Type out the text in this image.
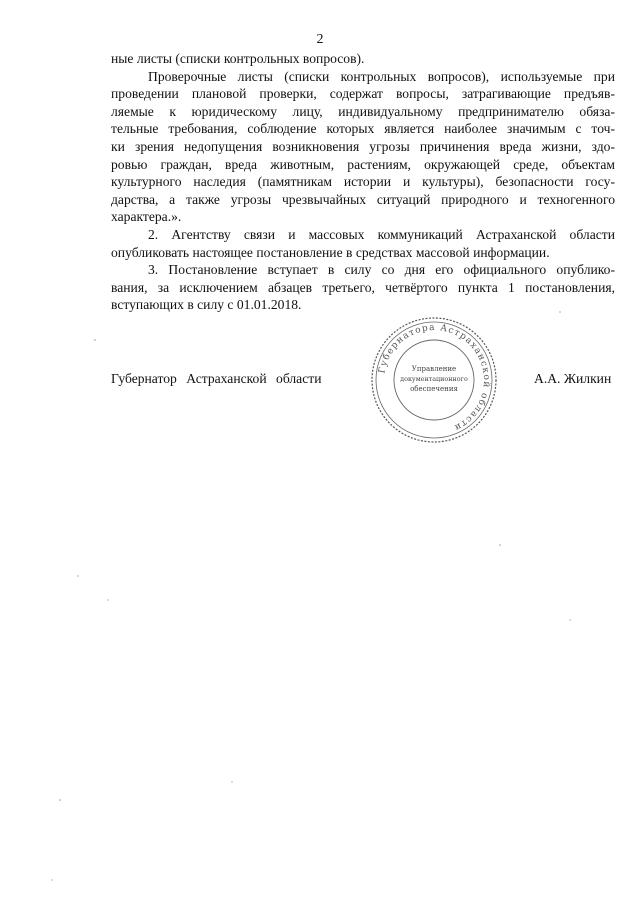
2

ные листы (списки контрольных вопросов).

Проверочные листы (списки контрольных вопросов), используемые при
проведении плановой проверки, содержат вопросы, затрагивающие предъяв-
ляемые к юридическому лицу, индивидуальному предпринимателю обяза-
тельные требования, соблюдение которых является наиболее значимым с точ-
ки зрения недопущения возникновения угрозы причинения вреда жизни, здо-
ровью граждан, вреда животным, растениям, окружающей среде, объектам
культурного наследия (памятникам истории и культуры), безопасности госу-
дарства, а также угрозы чрезвычайных ситуаций природного и техногенного
характера.».

2. Агентству связи и массовых коммуникаций Астраханской области
опубликовать настоящее постановление в средствах массовой информации.

3. Постановление вступает в силу со дня его официального опублико-
вания, за исключением абзацев третьего, четвёртого пункта 1 постановления,
вступающих в силу с 01.01.2018.

Губернатор Астраханской области
Губернатора Астраханской области
Управление
документационного
обеспечения
А.А. Жилкин
